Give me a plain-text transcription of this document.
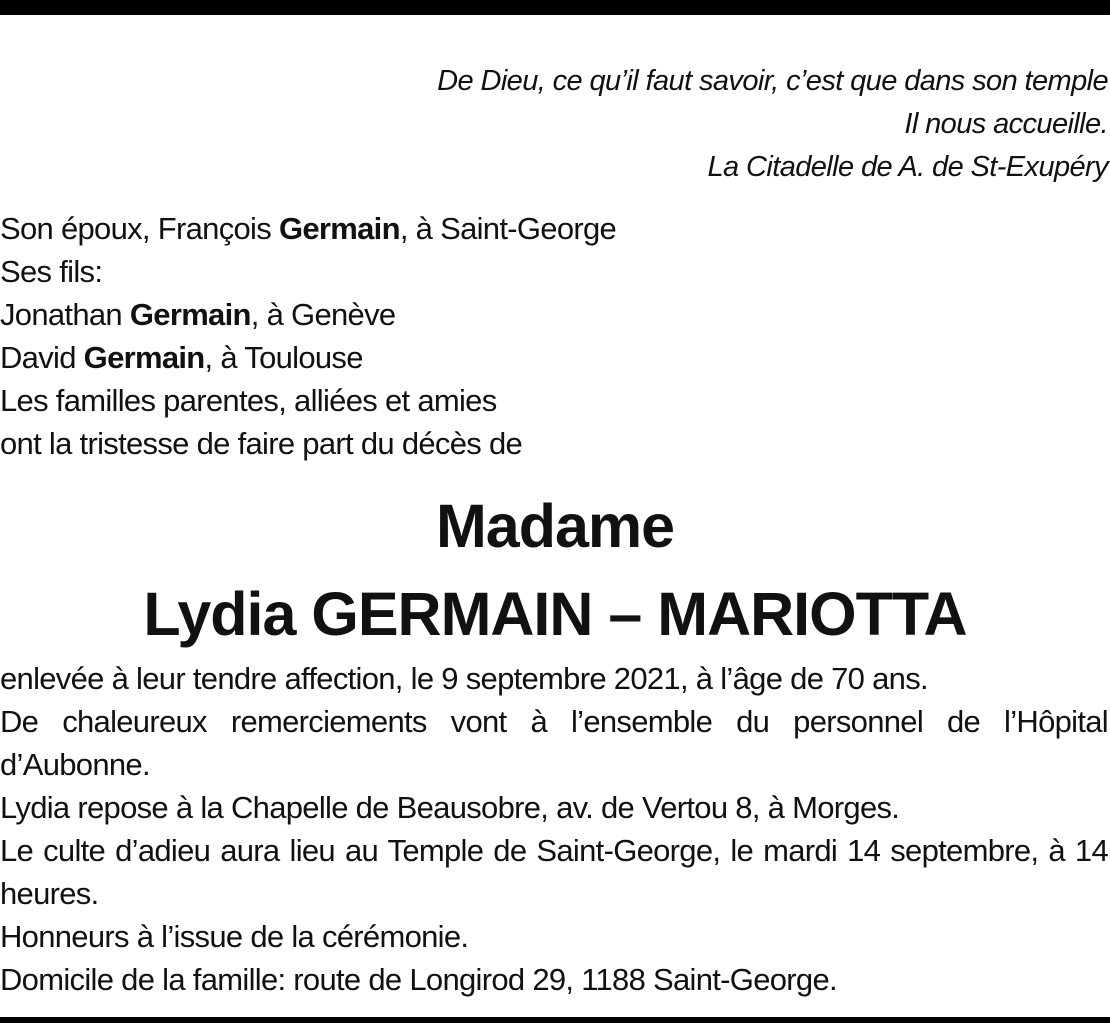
De Dieu, ce qu’il faut savoir, c’est que dans son temple
Il nous accueille.
La Citadelle de A. de St-Exupéry
Son époux, François Germain, à Saint-George
Ses fils:
Jonathan Germain, à Genève
David Germain, à Toulouse
Les familles parentes, alliées et amies
ont la tristesse de faire part du décès de
Madame
Lydia GERMAIN – MARIOTTA

enlevée à leur tendre affection, le 9 septembre 2021, à l’âge de 70 ans.

De chaleureux remerciements vont à l’ensemble du personnel de l’Hôpital d’Aubonne.

Lydia repose à la Chapelle de Beausobre, av. de Vertou 8, à Morges.

Le culte d’adieu aura lieu au Temple de Saint-George, le mardi 14 septembre, à 14 heures.

Honneurs à l’issue de la cérémonie.

Domicile de la famille: route de Longirod 29, 1188 Saint-George.
